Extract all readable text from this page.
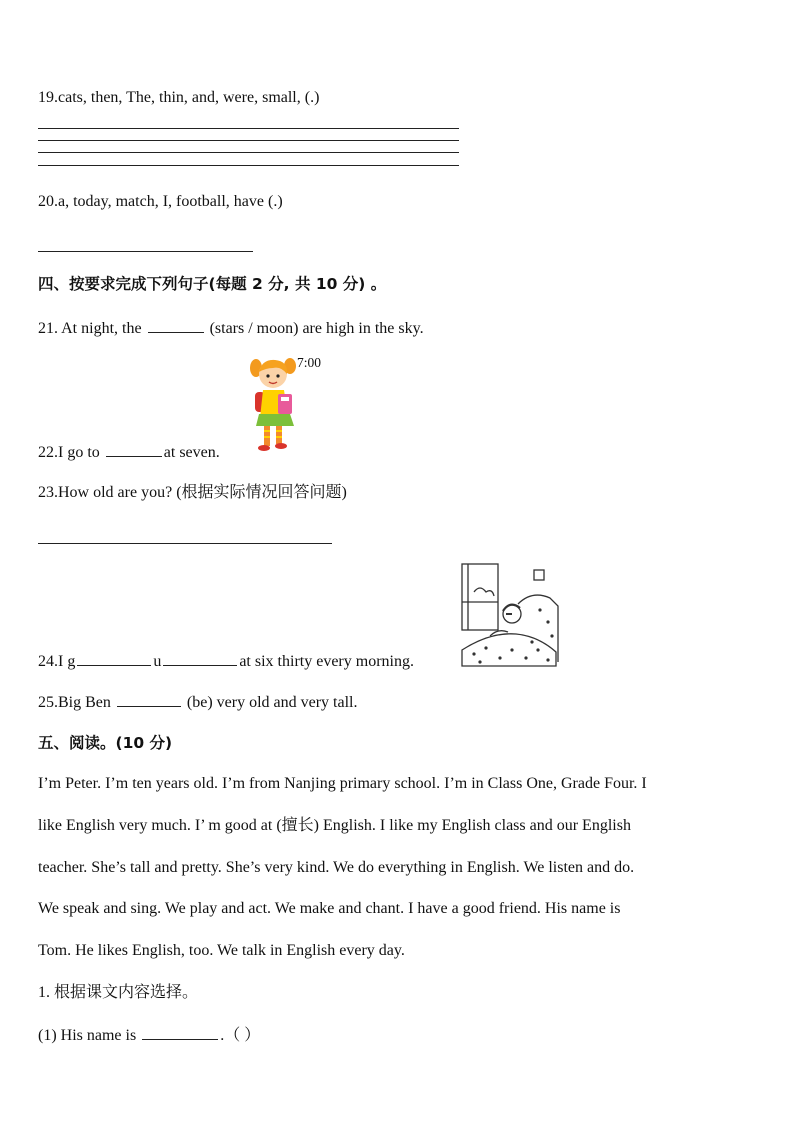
19.cats, then, The, thin, and, were, small, (.)
20.a, today, match, I, football, have (.)
四、按要求完成下列句子(每题 2 分, 共 10 分) 。
21. At night, the	(stars / moon) are high in the sky.
7:00
22.I go to	at seven.
23.How old are you? (根据实际情况回答问题)
24.I g	u	at six thirty every morning.
25.Big Ben	(be) very old and very tall.
五、阅读。(10 分)
I’m Peter. I’m ten years old. I’m from Nanjing primary school. I’m in Class One, Grade Four. I
like English very much. I’ m good at (擅长) English. I like my English class and our English
teacher. She’s tall and pretty. She’s very kind. We do everything in English. We listen and do.
We speak and sing. We play and act. We make and chant. I have a good friend. His name is
Tom. He likes English, too. We talk in English every day.
1. 根据课文内容选择。
(1) His name is	.（ ）
